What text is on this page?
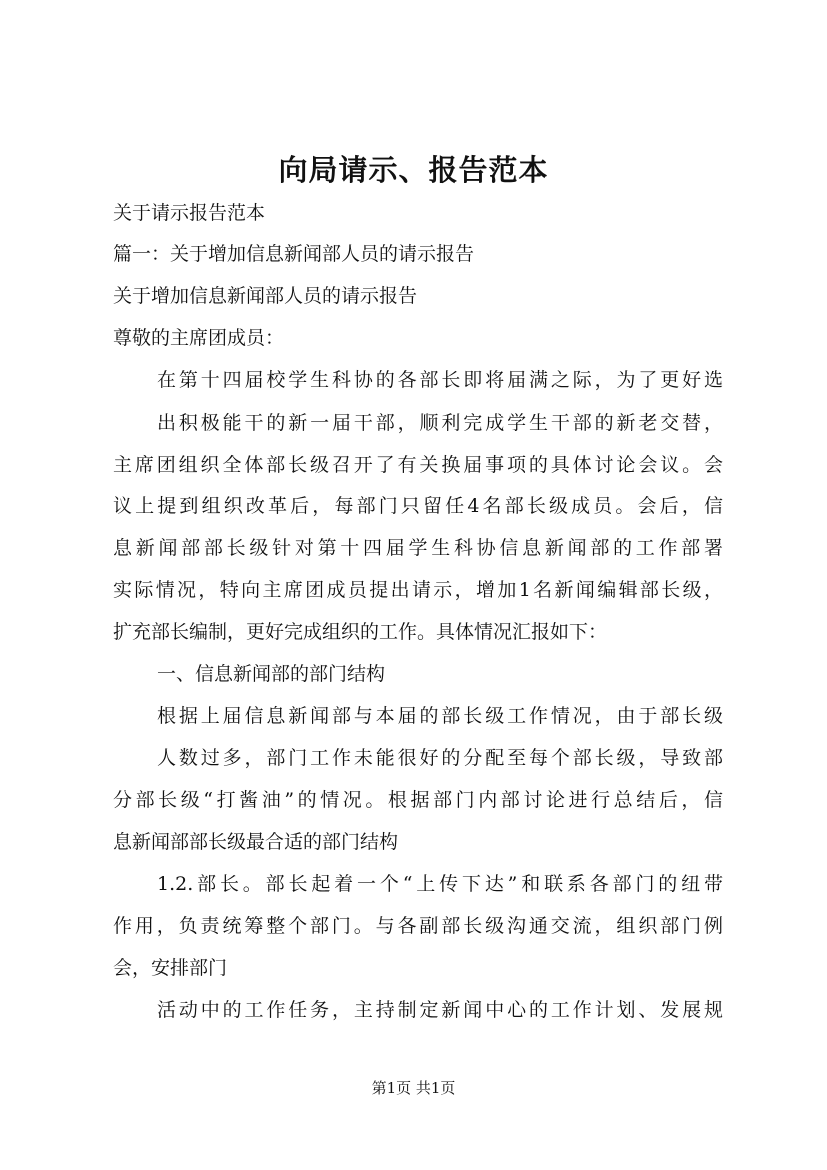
向局请示、报告范本
关于请示报告范本
篇一：关于增加信息新闻部人员的请示报告
关于增加信息新闻部人员的请示报告
尊敬的主席团成员：
在第十四届校学生科协的各部长即将届满之际，为了更好选
出积极能干的新一届干部，顺利完成学生干部的新老交替，
主席团组织全体部长级召开了有关换届事项的具体讨论会议。会
议上提到组织改革后，每部门只留任4名部长级成员。会后，信
息新闻部部长级针对第十四届学生科协信息新闻部的工作部署
实际情况，特向主席团成员提出请示，增加1名新闻编辑部长级，
扩充部长编制，更好完成组织的工作。具体情况汇报如下：
一、信息新闻部的部门结构
根据上届信息新闻部与本届的部长级工作情况，由于部长级
人数过多，部门工作未能很好的分配至每个部长级，导致部
分部长级“打酱油”的情况。根据部门内部讨论进行总结后，信
息新闻部部长级最合适的部门结构
1.2.部长。部长起着一个“上传下达”和联系各部门的纽带
作用，负责统筹整个部门。与各副部长级沟通交流，组织部门例
会，安排部门
活动中的工作任务，主持制定新闻中心的工作计划、发展规
第1页 共1页
